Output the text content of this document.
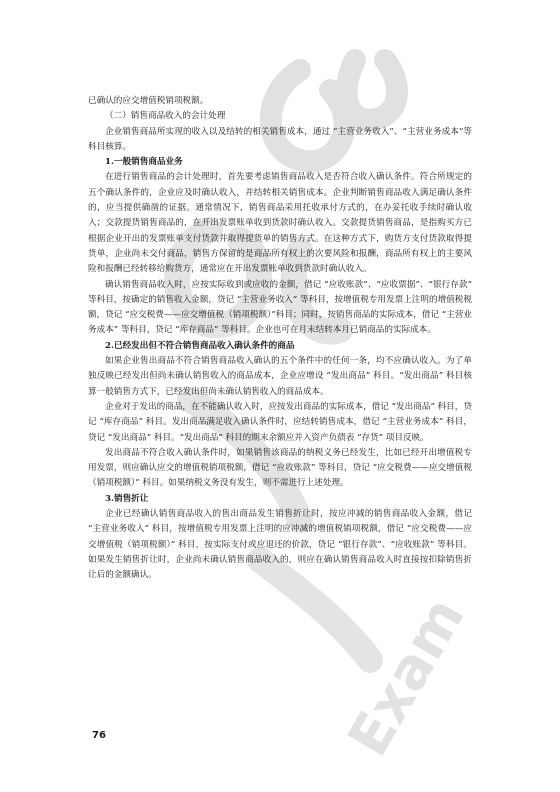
Exam

已确认的应交增值税销项税额。

（二）销售商品收入的会计处理

企业销售商品所实现的收入以及结转的相关销售成本，通过 “主营业务收入”、“主营业务成本”等科目核算。

1.一般销售商品业务

在进行销售商品的会计处理时，首先要考虑销售商品收入是否符合收入确认条件。符合所规定的五个确认条件的，企业应及时确认收入，并结转相关销售成本。企业判断销售商品收入满足确认条件的，应当提供确凿的证据。通常情况下，销售商品采用托收承付方式的，在办妥托收手续时确认收入；交款提货销售商品的，在开出发票账单收到货款时确认收入。交款提货销售商品，是指购买方已根据企业开出的发票账单支付货款并取得提货单的销售方式。在这种方式下，购货方支付货款取得提货单，企业尚未交付商品，销售方保留的是商品所有权上的次要风险和报酬，商品所有权上的主要风险和报酬已经转移给购货方，通常应在开出发票账单收到货款时确认收入。

确认销售商品收入时，应按实际收到或应收的金额，借记 “应收账款”、“应收票据”、“银行存款” 等科目，按确定的销售收入金额，贷记 “主营业务收入” 等科目，按增值税专用发票上注明的增值税税额，贷记 “应交税费——应交增值税（销项税额）”科目；同时，按销售商品的实际成本，借记 “主营业务成本” 等科目，贷记 “库存商品” 等科目。企业也可在月末结转本月已销商品的实际成本。

2.已经发出但不符合销售商品收入确认条件的商品

如果企业售出商品不符合销售商品收入确认的五个条件中的任何一条，均不应确认收入。为了单独反映已经发出但尚未确认销售收入的商品成本，企业应增设 “发出商品” 科目。“发出商品” 科目核算一般销售方式下，已经发出但尚未确认销售收入的商品成本。

企业对于发出的商品，在不能确认收入时，应按发出商品的实际成本，借记 “发出商品” 科目，贷记 “库存商品” 科目。发出商品满足收入确认条件时，应结转销售成本，借记 “主营业务成本” 科目，贷记 “发出商品” 科目。“发出商品” 科目的期末余额应并入资产负债表 “存货” 项目反映。

发出商品不符合收入确认条件时，如果销售该商品的纳税义务已经发生，比如已经开出增值税专用发票，则应确认应交的增值税销项税额，借记 “应收账款” 等科目，贷记 “应交税费——应交增值税（销项税额）” 科目。如果纳税义务没有发生，则不需进行上述处理。

3.销售折让

企业已经确认销售商品收入的售出商品发生销售折让时，按应冲减的销售商品收入金额，借记 “主营业务收入” 科目，按增值税专用发票上注明的应冲减的增值税销项税额，借记 “应交税费——应交增值税（销项税额）” 科目，按实际支付或应退还的价款，贷记 “银行存款”、“应收账款” 等科目。如果发生销售折让时，企业尚未确认销售商品收入的，则应在确认销售商品收入时直接按扣除销售折让后的金额确认。

76
